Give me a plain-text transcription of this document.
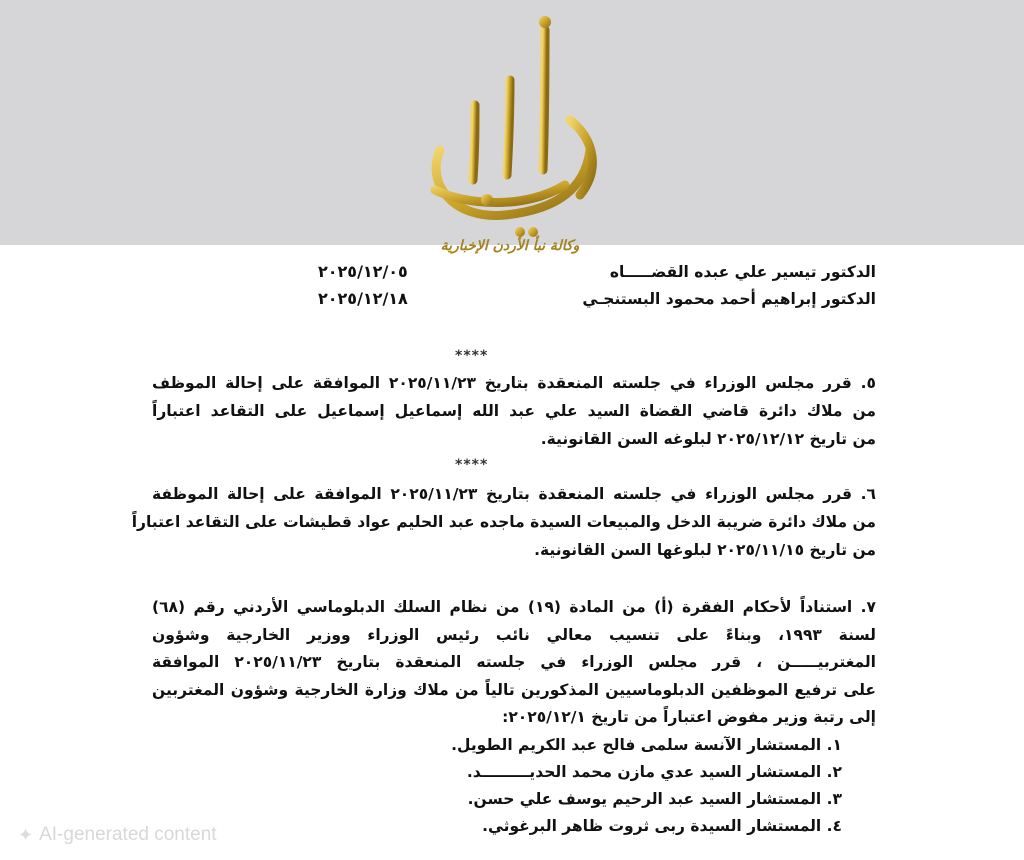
وكالة نبأ الأردن الإخبارية
الدكتور تيسير علي عبده القضـــــاه
٢٠٢٥/١٢/٠٥
الدكتور إبراهيم أحمد محمود البستنجـي
٢٠٢٥/١٢/١٨
****
٥. قرر مجلس الوزراء في جلسته المنعقدة بتاريخ ٢٠٢٥/١١/٢٣ الموافقة على إحالة الموظف
من ملاك دائرة قاضي القضاة السيد علي عبد الله إسماعيل إسماعيل على التقاعد اعتباراً
من تاريخ ٢٠٢٥/١٢/١٢ لبلوغه السن القانونية.
****
٦. قرر مجلس الوزراء في جلسته المنعقدة بتاريخ ٢٠٢٥/١١/٢٣ الموافقة على إحالة الموظفة
من ملاك دائرة ضريبة الدخل والمبيعات السيدة ماجده عبد الحليم عواد قطيشات على التقاعد اعتباراً
من تاريخ ٢٠٢٥/١١/١٥ لبلوغها السن القانونية.
٧. استناداً لأحكام الفقرة (أ) من المادة (١٩) من نظام السلك الدبلوماسي الأردني رقم (٦٨)
لسنة ١٩٩٣، وبناءً على تنسيب معالي نائب رئيس الوزراء ووزير الخارجية وشؤون
المغتربيـــــن ، قرر مجلس الوزراء في جلسته المنعقدة بتاريخ ٢٠٢٥/١١/٢٣ الموافقة
على ترفيع الموظفين الدبلوماسيين المذكورين تالياً من ملاك وزارة الخارجية وشؤون المغتربين
إلى رتبة وزير مفوض اعتباراً من تاريخ ٢٠٢٥/١٢/١:
١. المستشار الآنسة سلمى فالح عبد الكريم الطويل.
٢. المستشار السيد عدي مازن محمد الحديـــــــــد.
٣. المستشار السيد عبد الرحيم يوسف علي حسن.
٤. المستشار السيدة ربى ثروت ظاهر البرغوثي.
✦ AI-generated content
